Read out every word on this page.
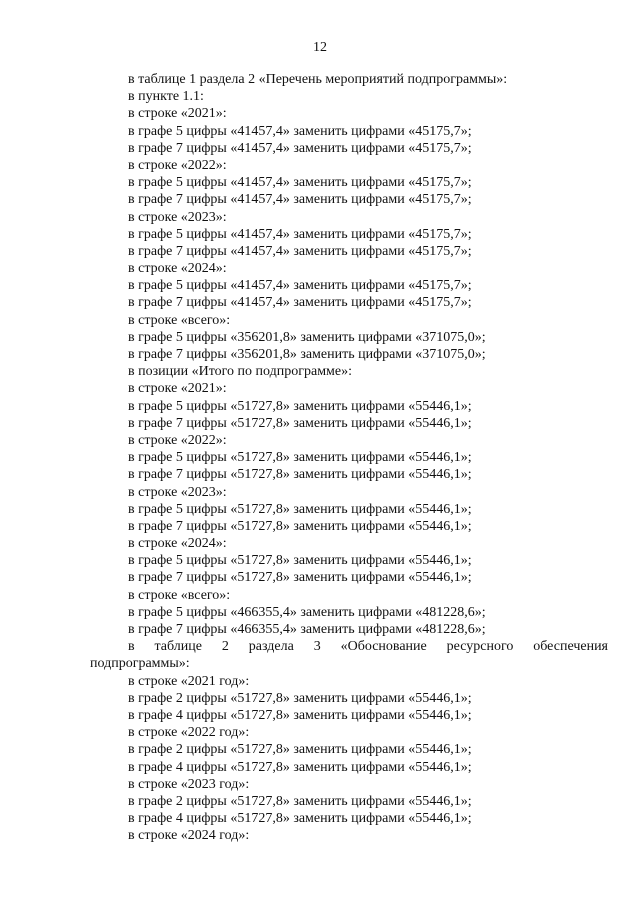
12
в таблице 1 раздела 2 «Перечень мероприятий подпрограммы»:
в пункте 1.1:
в строке «2021»:
в графе 5 цифры «41457,4» заменить цифрами «45175,7»;
в графе 7 цифры «41457,4» заменить цифрами «45175,7»;
в строке «2022»:
в графе 5 цифры «41457,4» заменить цифрами «45175,7»;
в графе 7 цифры «41457,4» заменить цифрами «45175,7»;
в строке «2023»:
в графе 5 цифры «41457,4» заменить цифрами «45175,7»;
в графе 7 цифры «41457,4» заменить цифрами «45175,7»;
в строке «2024»:
в графе 5 цифры «41457,4» заменить цифрами «45175,7»;
в графе 7 цифры «41457,4» заменить цифрами «45175,7»;
в строке «всего»:
в графе 5 цифры «356201,8» заменить цифрами «371075,0»;
в графе 7 цифры «356201,8» заменить цифрами «371075,0»;
в позиции «Итого по подпрограмме»:
в строке «2021»:
в графе 5 цифры «51727,8» заменить цифрами «55446,1»;
в графе 7 цифры «51727,8» заменить цифрами «55446,1»;
в строке «2022»:
в графе 5 цифры «51727,8» заменить цифрами «55446,1»;
в графе 7 цифры «51727,8» заменить цифрами «55446,1»;
в строке «2023»:
в графе 5 цифры «51727,8» заменить цифрами «55446,1»;
в графе 7 цифры «51727,8» заменить цифрами «55446,1»;
в строке «2024»:
в графе 5 цифры «51727,8» заменить цифрами «55446,1»;
в графе 7 цифры «51727,8» заменить цифрами «55446,1»;
в строке «всего»:
в графе 5 цифры «466355,4» заменить цифрами «481228,6»;
в графе 7 цифры «466355,4» заменить цифрами «481228,6»;
в таблице 2 раздела 3 «Обоснование ресурсного обеспечения
подпрограммы»:
в строке «2021 год»:
в графе 2 цифры «51727,8» заменить цифрами «55446,1»;
в графе 4 цифры «51727,8» заменить цифрами «55446,1»;
в строке «2022 год»:
в графе 2 цифры «51727,8» заменить цифрами «55446,1»;
в графе 4 цифры «51727,8» заменить цифрами «55446,1»;
в строке «2023 год»:
в графе 2 цифры «51727,8» заменить цифрами «55446,1»;
в графе 4 цифры «51727,8» заменить цифрами «55446,1»;
в строке «2024 год»:
